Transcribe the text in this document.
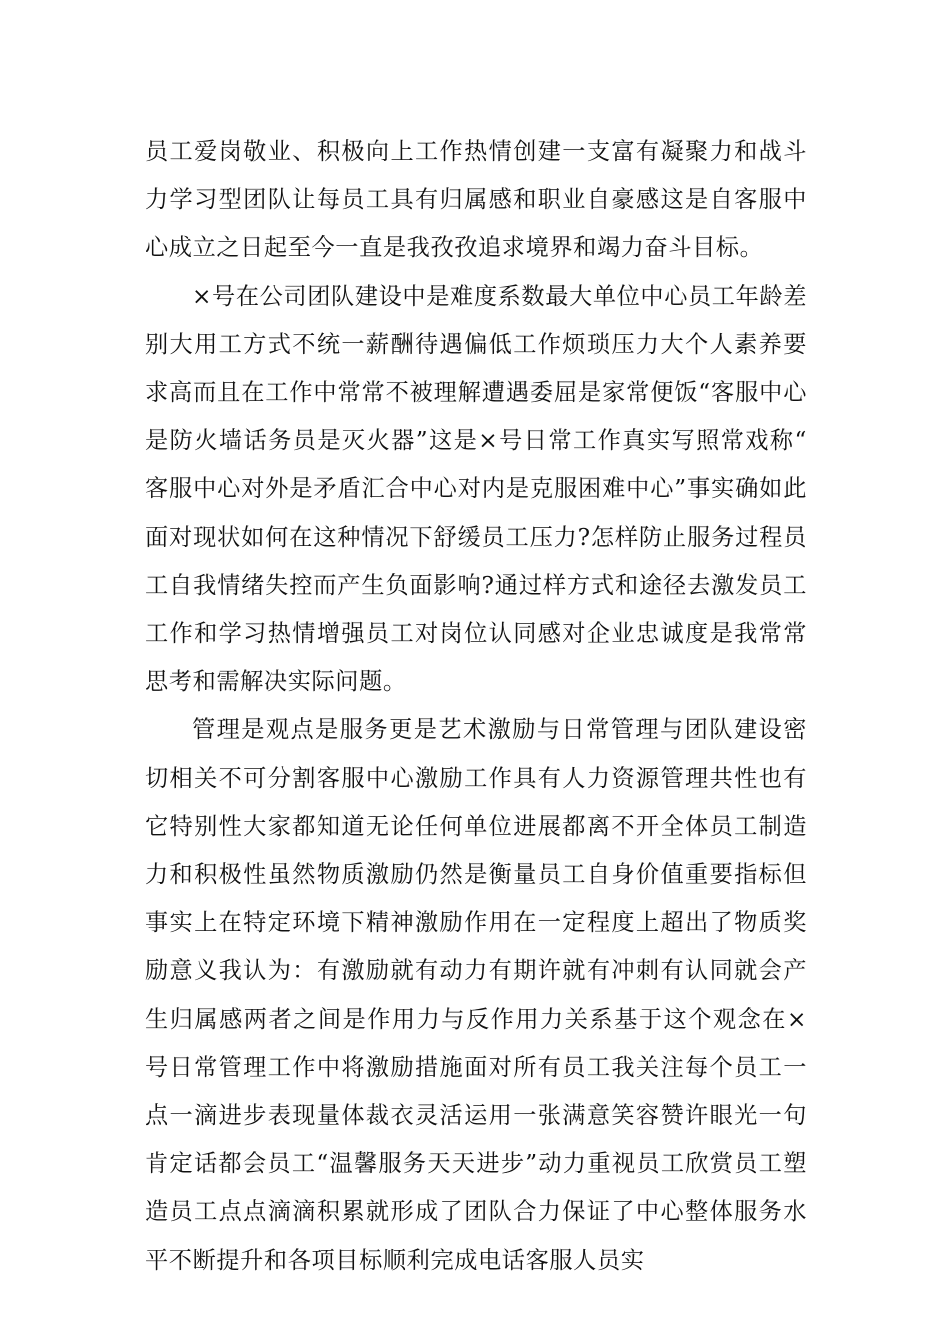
员工爱岗敬业、积极向上工作热情创建一支富有凝聚力和战斗力学习型团队让每员工具有归属感和职业自豪感这是自客服中心成立之日起至今一直是我孜孜追求境界和竭力奋斗目标。

×号在公司团队建设中是难度系数最大单位中心员工年龄差别大用工方式不统一薪酬待遇偏低工作烦琐压力大个人素养要求高而且在工作中常常不被理解遭遇委屈是家常便饭“客服中心是防火墙话务员是灭火器”这是×号日常工作真实写照常戏称“客服中心对外是矛盾汇合中心对内是克服困难中心”事实确如此面对现状如何在这种情况下舒缓员工压力?怎样防止服务过程员工自我情绪失控而产生负面影响?通过样方式和途径去激发员工工作和学习热情增强员工对岗位认同感对企业忠诚度是我常常思考和需解决实际问题。

管理是观点是服务更是艺术激励与日常管理与团队建设密切相关不可分割客服中心激励工作具有人力资源管理共性也有它特别性大家都知道无论任何单位进展都离不开全体员工制造力和积极性虽然物质激励仍然是衡量员工自身价值重要指标但事实上在特定环境下精神激励作用在一定程度上超出了物质奖励意义我认为：有激励就有动力有期许就有冲刺有认同就会产生归属感两者之间是作用力与反作用力关系基于这个观念在×号日常管理工作中将激励措施面对所有员工我关注每个员工一点一滴进步表现量体裁衣灵活运用一张满意笑容赞许眼光一句肯定话都会员工“温馨服务天天进步”动力重视员工欣赏员工塑造员工点点滴滴积累就形成了团队合力保证了中心整体服务水平不断提升和各项目标顺利完成电话客服人员实
